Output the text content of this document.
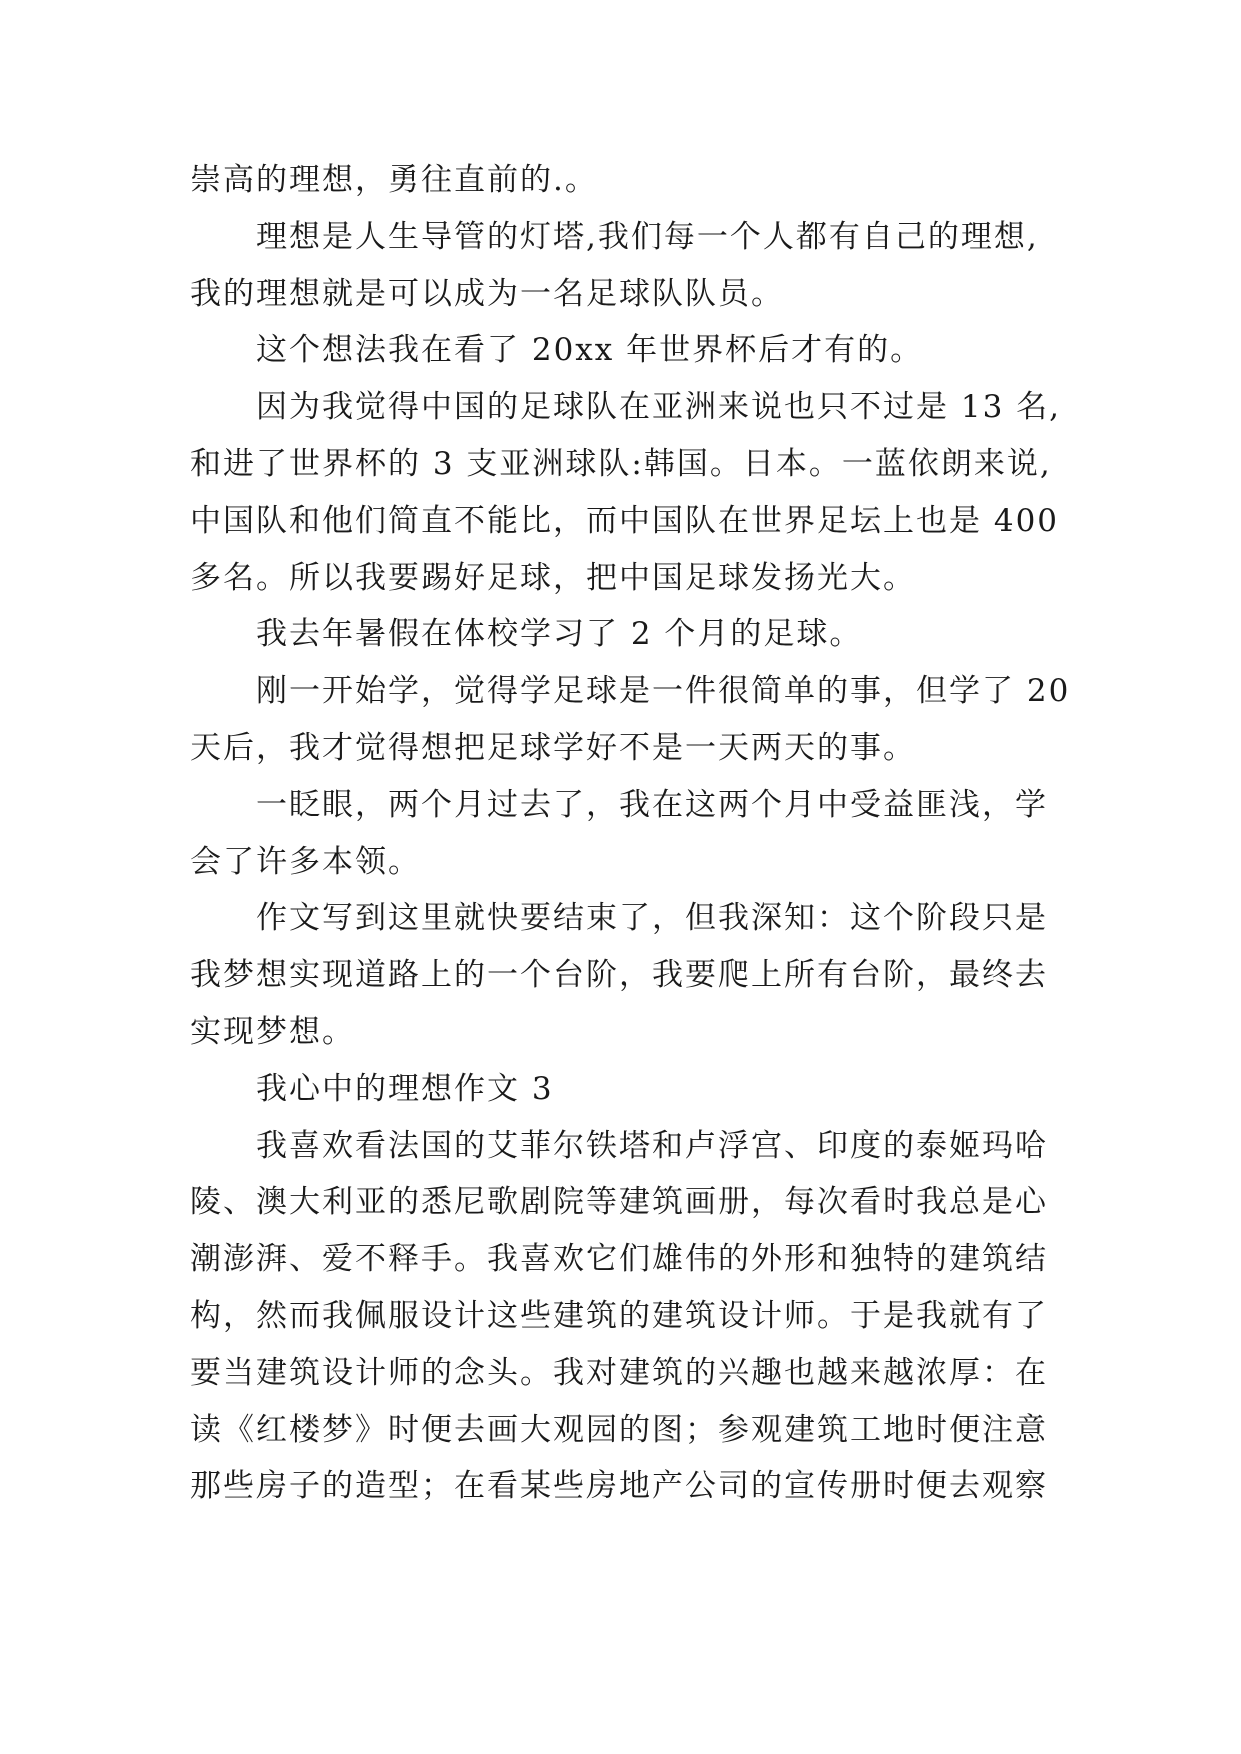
崇高的理想，勇往直前的.。
理想是人生导管的灯塔,我们每一个人都有自己的理想,
我的理想就是可以成为一名足球队队员。
这个想法我在看了 20xx 年世界杯后才有的。
因为我觉得中国的足球队在亚洲来说也只不过是 13 名,
和进了世界杯的 3 支亚洲球队:韩国。日本。一蓝依朗来说,
中国队和他们简直不能比，而中国队在世界足坛上也是 400
多名。所以我要踢好足球，把中国足球发扬光大。
我去年暑假在体校学习了 2 个月的足球。
刚一开始学，觉得学足球是一件很简单的事，但学了 20
天后，我才觉得想把足球学好不是一天两天的事。
一眨眼，两个月过去了，我在这两个月中受益匪浅，学
会了许多本领。
作文写到这里就快要结束了，但我深知：这个阶段只是
我梦想实现道路上的一个台阶，我要爬上所有台阶，最终去
实现梦想。
我心中的理想作文 3
我喜欢看法国的艾菲尔铁塔和卢浮宫、印度的泰姬玛哈
陵、澳大利亚的悉尼歌剧院等建筑画册，每次看时我总是心
潮澎湃、爱不释手。我喜欢它们雄伟的外形和独特的建筑结
构，然而我佩服设计这些建筑的建筑设计师。于是我就有了
要当建筑设计师的念头。我对建筑的兴趣也越来越浓厚：在
读《红楼梦》时便去画大观园的图；参观建筑工地时便注意
那些房子的造型；在看某些房地产公司的宣传册时便去观察
